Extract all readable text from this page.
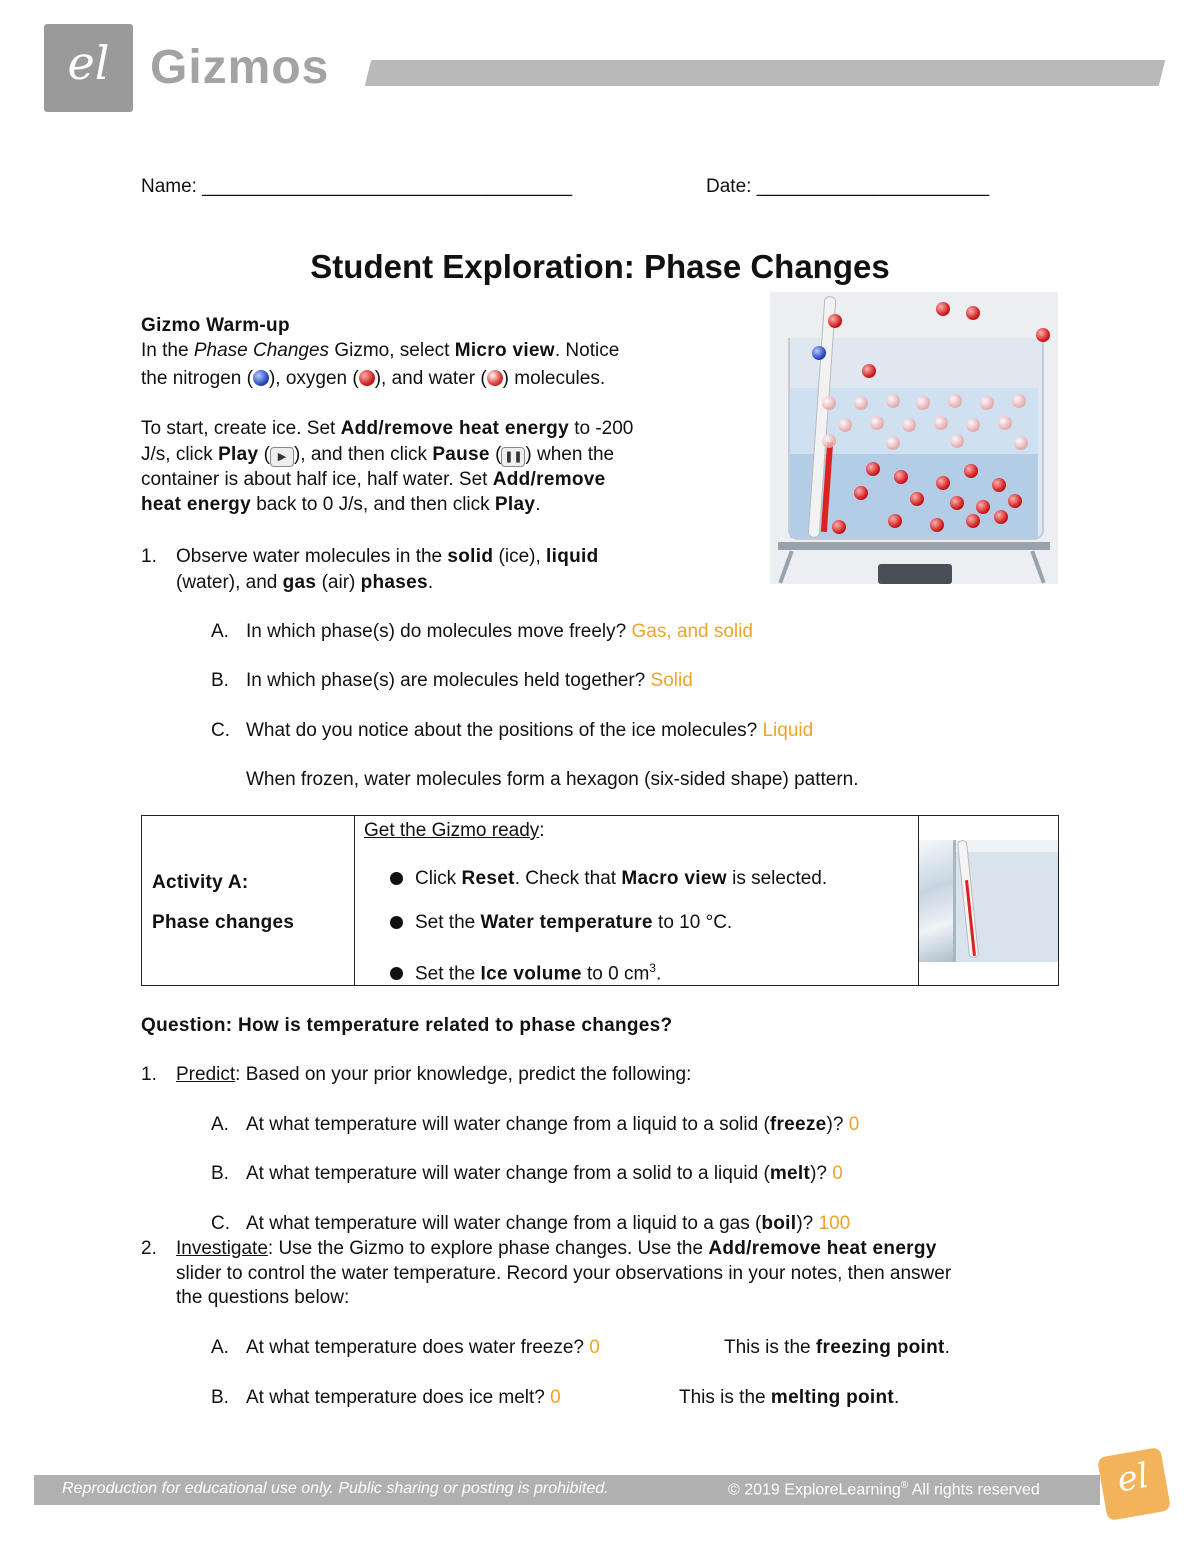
el Gizmos
Name: ___________________________________	Date: ______________________
Student Exploration: Phase Changes
Gizmo Warm-up
In the Phase Changes Gizmo, select Micro view. Notice
the nitrogen ( ), oxygen ( ), and water ( ) molecules.
To start, create ice. Set Add/remove heat energy to -200
J/s, click Play ( ▶ ), and then click Pause ( ❚❚ ) when the
container is about half ice, half water. Set Add/remove
heat energy back to 0 J/s, and then click Play.
1. Observe water molecules in the solid (ice), liquid
(water), and gas (air) phases.
A. In which phase(s) do molecules move freely? Gas, and solid
B. In which phase(s) are molecules held together? Solid
C. What do you notice about the positions of the ice molecules? Liquid
When frozen, water molecules form a hexagon (six-sided shape) pattern.
Activity A:
Phase changes
Get the Gizmo ready:
Click Reset. Check that Macro view is selected.
Set the Water temperature to 10 °C.
Set the Ice volume to 0 $cm^3$.
Question: How is temperature related to phase changes?
1. Predict: Based on your prior knowledge, predict the following:
A. At what temperature will water change from a liquid to a solid (freeze)? 0
B. At what temperature will water change from a solid to a liquid (melt)? 0
C. At what temperature will water change from a liquid to a gas (boil)? 100
2. Investigate: Use the Gizmo to explore phase changes. Use the Add/remove heat energy
slider to control the water temperature. Record your observations in your notes, then answer
the questions below:
A. At what temperature does water freeze? 0	This is the freezing point.
B. At what temperature does ice melt? 0	This is the melting point.
Reproduction for educational use only. Public sharing or posting is prohibited.	© 2019 ExploreLearning® All rights reserved	el
